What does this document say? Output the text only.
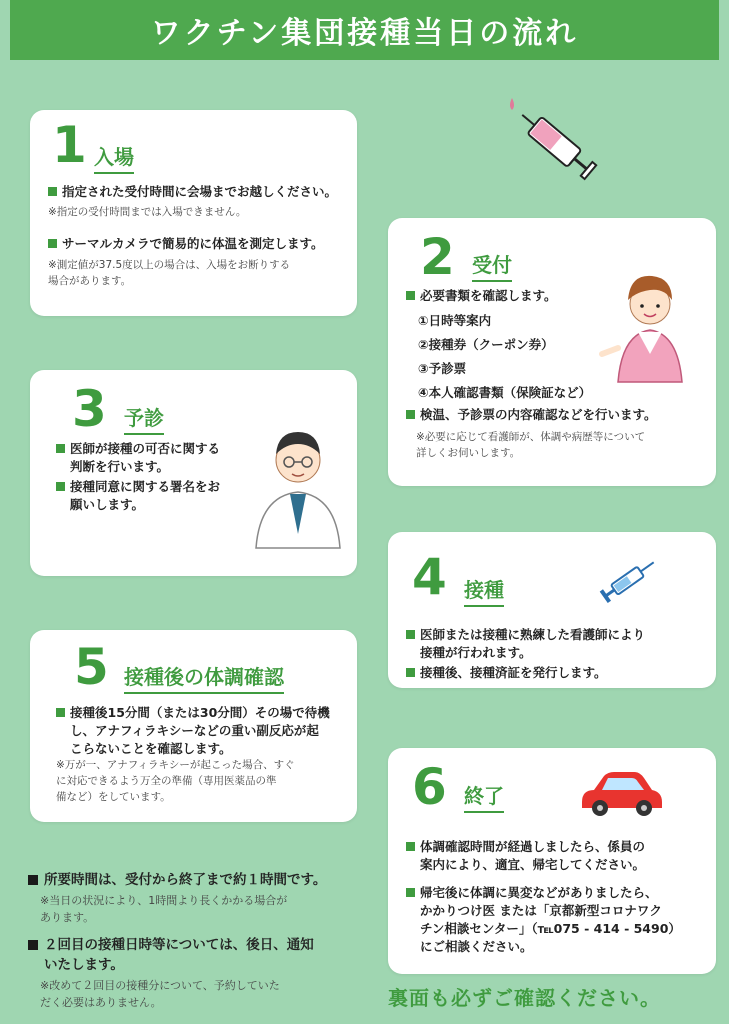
ワクチン集団接種当日の流れ
1 入場
指定された受付時間に会場までお越しください。
※指定の受付時間までは入場できません。
サーマルカメラで簡易的に体温を測定します。
※測定値が37.5度以上の場合は、入場をお断りする
場合があります。	2 受付
必要書類を確認します。
①日時等案内
②接種券（クーポン券）
③予診票
④本人確認書類（保険証など）
検温、予診票の内容確認などを行います。
※必要に応じて看護師が、体調や病歴等について
詳しくお伺いします。
3 予診
医師が接種の可否に関する
判断を行います。
接種同意に関する署名をお
願いします。
4 接種
医師または接種に熟練した看護師により
接種が行われます。
接種後、接種済証を発行します。
5 接種後の体調確認
接種後15分間（または30分間）その場で待機
し、アナフィラキシーなどの重い副反応が起
こらないことを確認します。
※万が一、アナフィラキシーが起こった場合、すぐ
に対応できるよう万全の準備（専用医薬品の準
備など）をしています。	6 終了
体調確認時間が経過しましたら、係員の
案内により、適宜、帰宅してください。
帰宅後に体調に異変などがありましたら、
かかりつけ医 または「京都新型コロナワク
チン相談センター」（℡075 - 414 - 5490）
にご相談ください。
所要時間は、受付から終了まで約１時間です。
※当日の状況により、1時間より長くかかる場合が
あります。
２回目の接種日時等については、後日、通知
いたします。
※改めて２回目の接種分について、予約していた
だく必要はありません。	裏面も必ずご確認ください。
